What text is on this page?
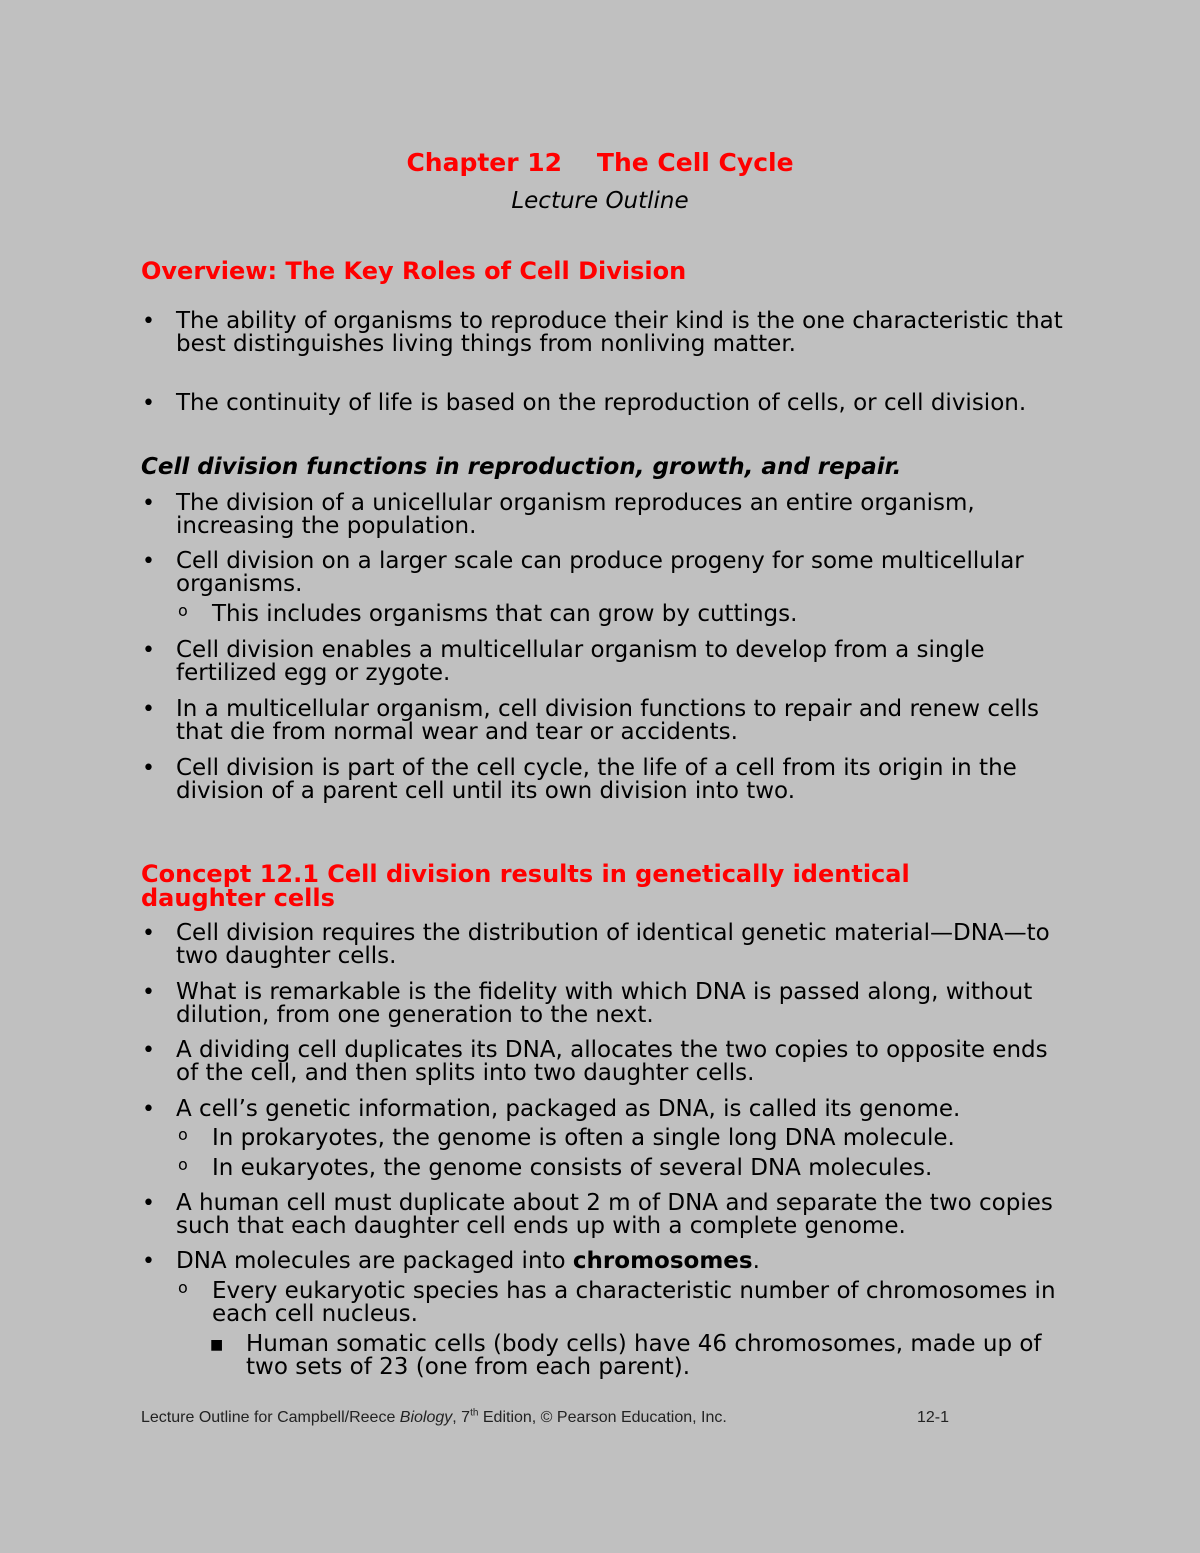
Chapter 12    The Cell Cycle
Lecture Outline
Overview: The Key Roles of Cell Division
• The ability of organisms to reproduce their kind is the one characteristic that best distinguishes living things from nonliving matter.
• The continuity of life is based on the reproduction of cells, or cell division.
Cell division functions in reproduction, growth, and repair.
• The division of a unicellular organism reproduces an entire organism, increasing the population.
• Cell division on a larger scale can produce progeny for some multicellular organisms.
o	This includes organisms that can grow by cuttings.
• Cell division enables a multicellular organism to develop from a single fertilized egg or zygote.
• In a multicellular organism, cell division functions to repair and renew cells that die from normal wear and tear or accidents.
• Cell division is part of the cell cycle, the life of a cell from its origin in the division of a parent cell until its own division into two.
Concept 12.1 Cell division results in genetically identical daughter cells
• Cell division requires the distribution of identical genetic material—DNA—to two daughter cells.
• What is remarkable is the fidelity with which DNA is passed along, without dilution, from one generation to the next.
• A dividing cell duplicates its DNA, allocates the two copies to opposite ends of the cell, and then splits into two daughter cells.
• A cell’s genetic information, packaged as DNA, is called its genome.
o	In prokaryotes, the genome is often a single long DNA molecule.
o	In eukaryotes, the genome consists of several DNA molecules.
• A human cell must duplicate about 2 m of DNA and separate the two copies such that each daughter cell ends up with a complete genome.
• DNA molecules are packaged into chromosomes.
o	Every eukaryotic species has a characteristic number of chromosomes in each cell nucleus.
■ Human somatic cells (body cells) have 46 chromosomes, made up of two sets of 23 (one from each parent).
Lecture Outline for Campbell/Reece Biology, 7th Edition, © Pearson Education, Inc.	12-1
